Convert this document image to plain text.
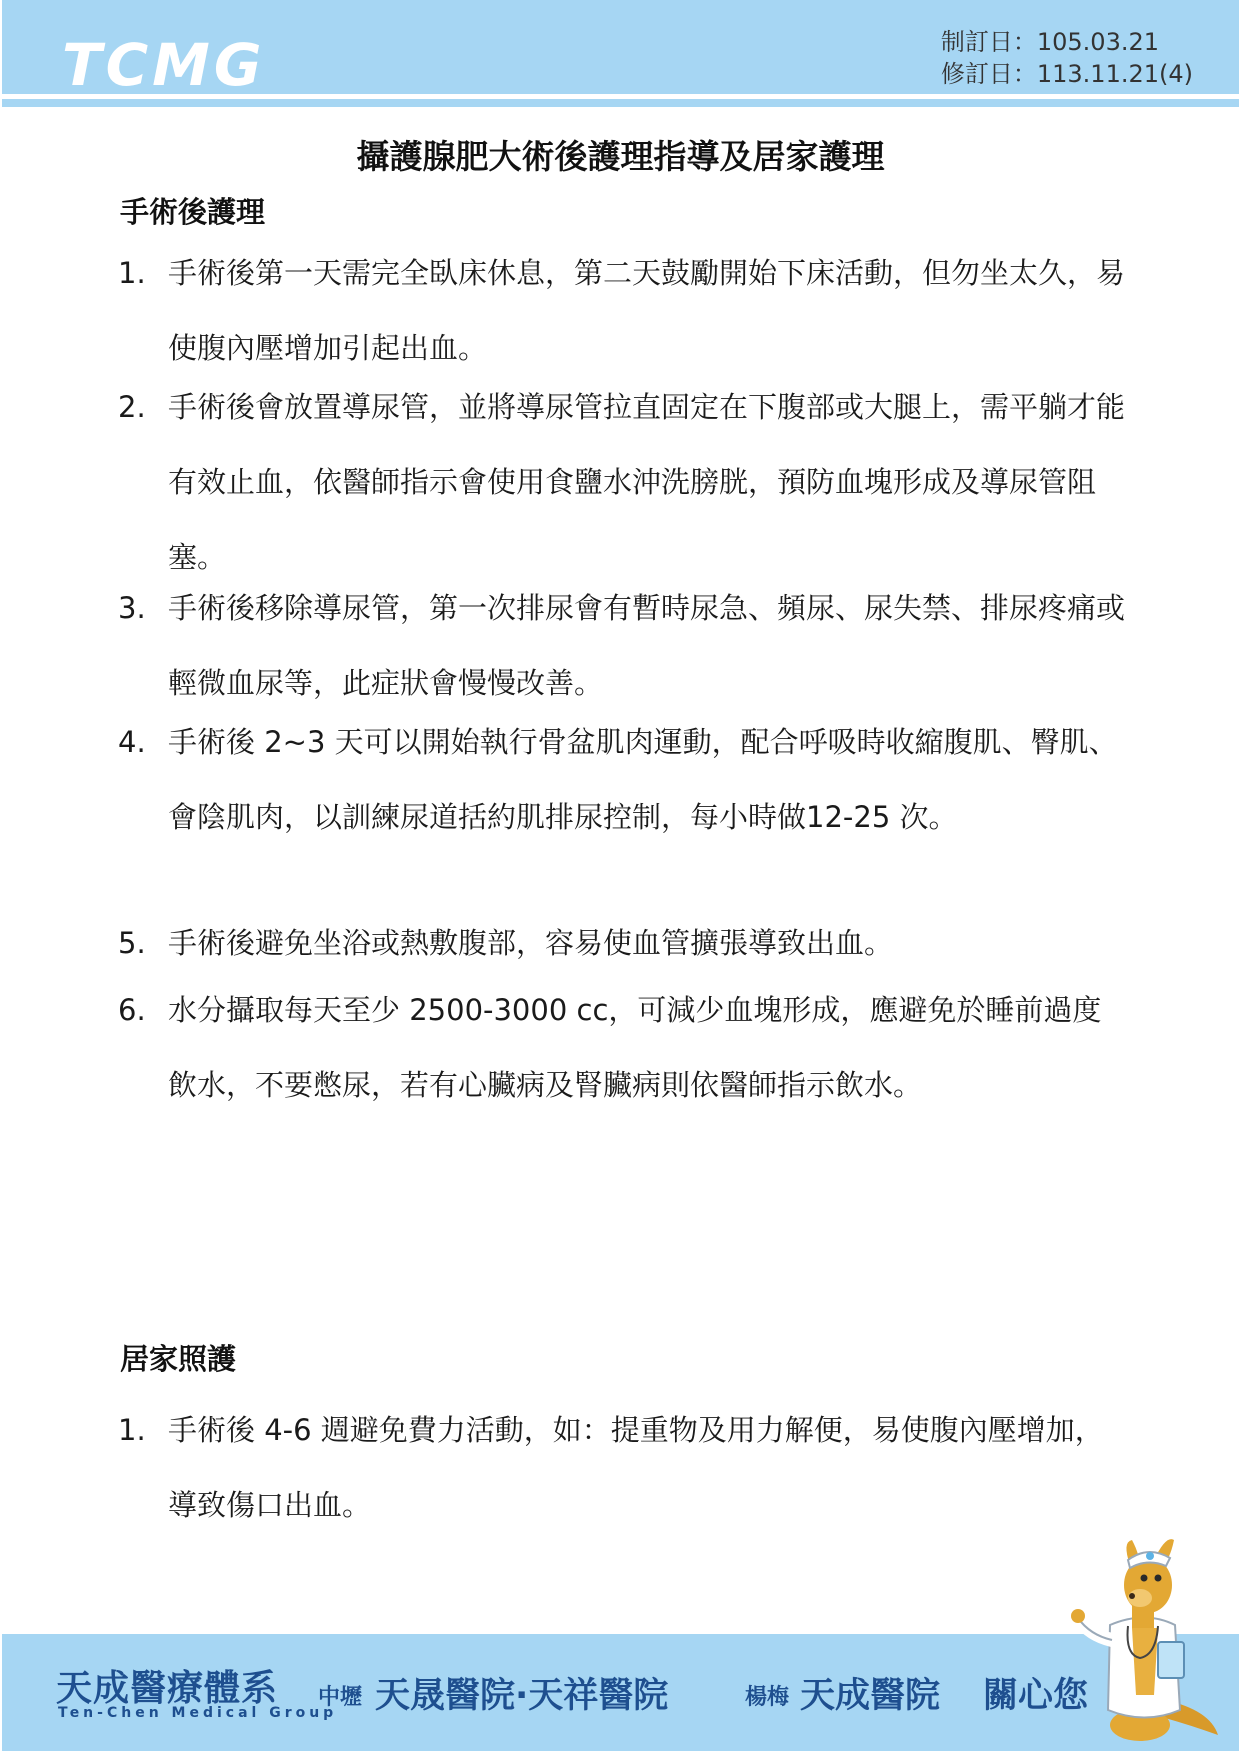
TCMG	制訂日：105.03.21
修訂日：113.11.21(4)
攝護腺肥大術後護理指導及居家護理
手術後護理
1. 手術後第一天需完全臥床休息，第二天鼓勵開始下床活動，但勿坐太久，易使腹內壓增加引起出血。
2. 手術後會放置導尿管，並將導尿管拉直固定在下腹部或大腿上，需平躺才能有效止血，依醫師指示會使用食鹽水沖洗膀胱，預防血塊形成及導尿管阻塞。
3. 手術後移除導尿管，第一次排尿會有暫時尿急、頻尿、尿失禁、排尿疼痛或輕微血尿等，此症狀會慢慢改善。
4. 手術後 2~3 天可以開始執行骨盆肌肉運動，配合呼吸時收縮腹肌、臀肌、會陰肌肉，以訓練尿道括約肌排尿控制，每小時做12-25 次。
5. 手術後避免坐浴或熱敷腹部，容易使血管擴張導致出血。
6. 水分攝取每天至少 2500-3000 cc，可減少血塊形成，應避免於睡前過度飲水，不要憋尿，若有心臟病及腎臟病則依醫師指示飲水。
居家照護
1. 手術後 4-6 週避免費力活動，如：提重物及用力解便，易使腹內壓增加，導致傷口出血。
天成醫療體系
Ten-Chen Medical Group
中壢 天晟醫院·天祥醫院	楊梅 天成醫院 關心您
